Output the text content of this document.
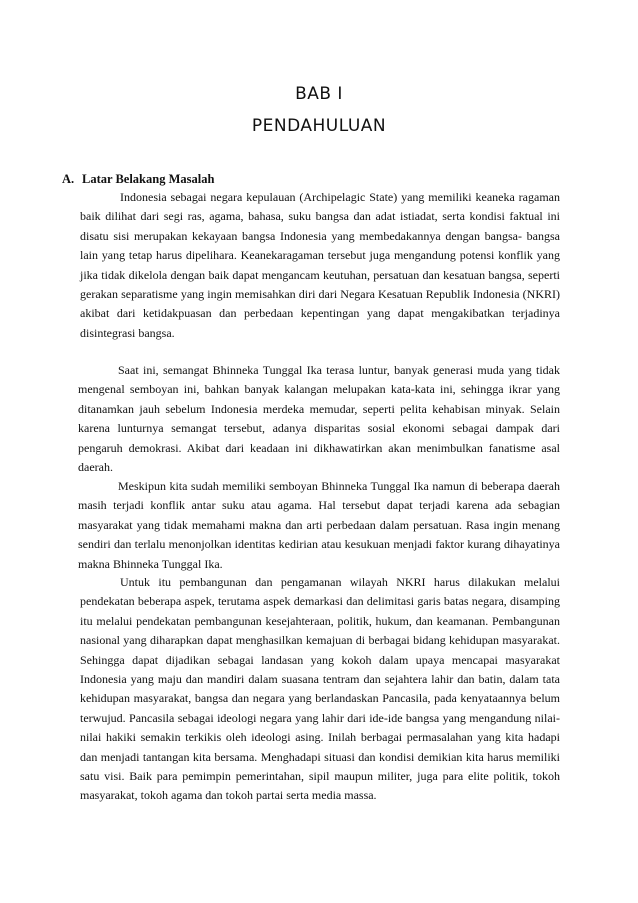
BAB I
PENDAHULUAN
A. Latar Belakang Masalah

Indonesia sebagai negara kepulauan (Archipelagic State) yang memiliki keaneka ragaman baik dilihat dari segi ras, agama, bahasa, suku bangsa dan adat istiadat, serta kondisi faktual ini disatu sisi merupakan kekayaan bangsa Indonesia yang membedakannya dengan bangsa- bangsa lain yang tetap harus dipelihara. Keanekaragaman tersebut juga mengandung potensi konflik yang jika tidak dikelola dengan baik dapat mengancam keutuhan, persatuan dan kesatuan bangsa, seperti gerakan separatisme yang ingin memisahkan diri dari Negara Kesatuan Republik Indonesia (NKRI) akibat dari ketidakpuasan dan perbedaan kepentingan yang dapat mengakibatkan terjadinya disintegrasi bangsa.

Saat ini, semangat Bhinneka Tunggal Ika terasa luntur, banyak generasi muda yang tidak mengenal semboyan ini, bahkan banyak kalangan melupakan kata-kata ini, sehingga ikrar yang ditanamkan jauh sebelum Indonesia merdeka memudar, seperti pelita kehabisan minyak. Selain karena lunturnya semangat tersebut, adanya disparitas sosial ekonomi sebagai dampak dari pengaruh demokrasi. Akibat dari keadaan ini dikhawatirkan akan menimbulkan fanatisme asal daerah.

Meskipun kita sudah memiliki semboyan Bhinneka Tunggal Ika namun di beberapa daerah masih terjadi konflik antar suku atau agama. Hal tersebut dapat terjadi karena ada sebagian masyarakat yang tidak memahami makna dan arti perbedaan dalam persatuan. Rasa ingin menang sendiri dan terlalu menonjolkan identitas kedirian atau kesukuan menjadi faktor kurang dihayatinya makna Bhinneka Tunggal Ika.

Untuk itu pembangunan dan pengamanan wilayah NKRI harus dilakukan melalui pendekatan beberapa aspek, terutama aspek demarkasi dan delimitasi garis batas negara, disamping itu melalui pendekatan pembangunan kesejahteraan, politik, hukum, dan keamanan. Pembangunan nasional yang diharapkan dapat menghasilkan kemajuan di berbagai bidang kehidupan masyarakat. Sehingga dapat dijadikan sebagai landasan yang kokoh dalam upaya mencapai masyarakat Indonesia yang maju dan mandiri dalam suasana tentram dan sejahtera lahir dan batin, dalam tata kehidupan masyarakat, bangsa dan negara yang berlandaskan Pancasila, pada kenyataannya belum terwujud. Pancasila sebagai ideologi negara yang lahir dari ide-ide bangsa yang mengandung nilai-nilai hakiki semakin terkikis oleh ideologi asing. Inilah berbagai permasalahan yang kita hadapi dan menjadi tantangan kita bersama. Menghadapi situasi dan kondisi demikian kita harus memiliki satu visi. Baik para pemimpin pemerintahan, sipil maupun militer, juga para elite politik, tokoh masyarakat, tokoh agama dan tokoh partai serta media massa.
